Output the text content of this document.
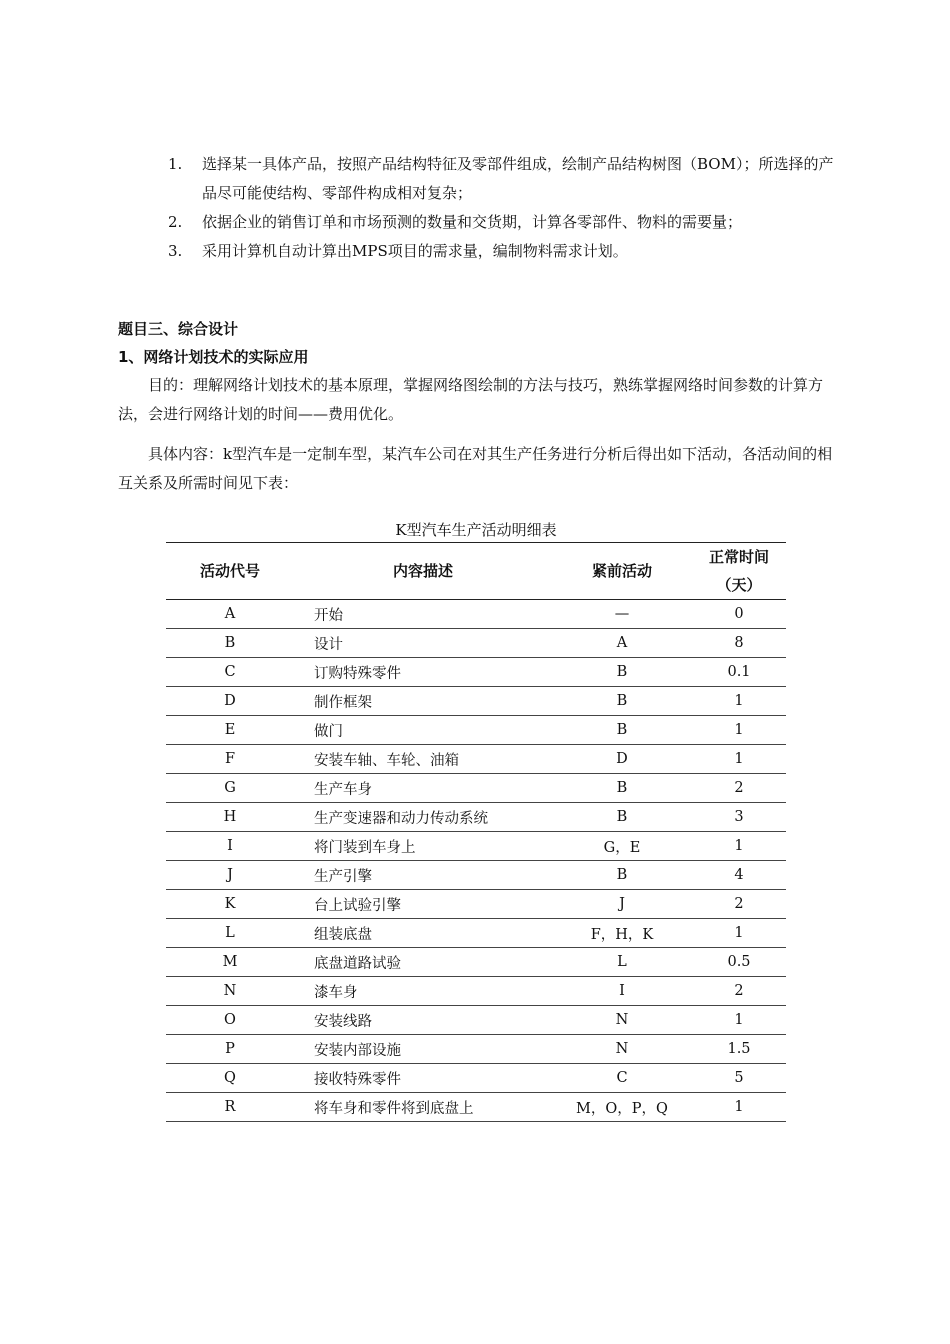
1. 选择某一具体产品，按照产品结构特征及零部件组成，绘制产品结构树图（BOM）；所选择的产品尽可能使结构、零部件构成相对复杂；
2. 依据企业的销售订单和市场预测的数量和交货期，计算各零部件、物料的需要量；
3. 采用计算机自动计算出MPS项目的需求量，编制物料需求计划。
题目三、综合设计
1、网络计划技术的实际应用
目的：理解网络计划技术的基本原理，掌握网络图绘制的方法与技巧，熟练掌握网络时间参数的计算方法，会进行网络计划的时间——费用优化。
具体内容：k型汽车是一定制车型，某汽车公司在对其生产任务进行分析后得出如下活动，各活动间的相互关系及所需时间见下表：
K型汽车生产活动明细表
活动代号	内容描述	紧前活动	正常时间
（天）

A	开始	—	0
B	设计	A	8
C	订购特殊零件	B	0.1
D	制作框架	B	1
E	做门	B	1
F	安装车轴、车轮、油箱	D	1
G	生产车身	B	2
H	生产变速器和动力传动系统	B	3
I	将门装到车身上	G，E	1
J	生产引擎	B	4
K	台上试验引擎	J	2
L	组装底盘	F，H，K	1
M	底盘道路试验	L	0.5
N	漆车身	I	2
O	安装线路	N	1
P	安装内部设施	N	1.5
Q	接收特殊零件	C	5
R	将车身和零件将到底盘上	M，O，P，Q	1
